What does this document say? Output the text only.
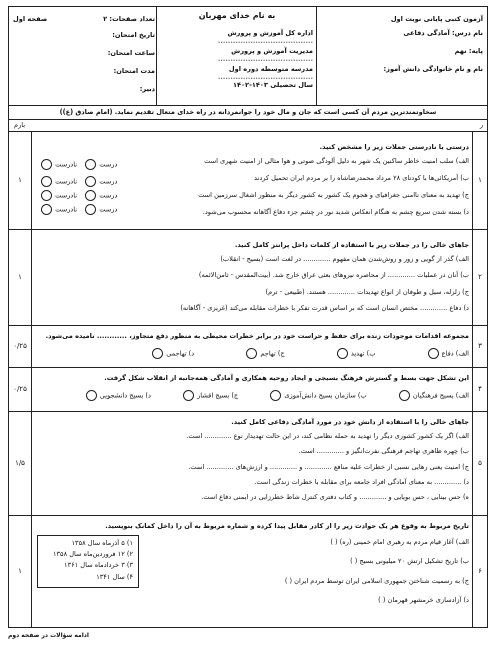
آزمون کتبی پایانی نوبت اول
نام درس: آمادگی دفاعی
پایه: نهم
نام و نام خانوادگی دانش آموز:
به نام خدای مهربان
اداره کل آموزش و پرورش ......................................
مدیریت آموزش و پرورش ......................................
مدرسه متوسطه دوره اول ......................................
سال تحصیلی ۱۴۰۳-۱۴۰۲
تعداد صفحات: ۲
صفحه اول
تاریخ امتحان:
ساعت امتحان:
مدت امتحان:
دبیر:
سخاوتمندترین مردم آن کسی است که جان و مال خود را جوانمردانه در راه خدای متعال تقدیم نماید. (امام صادق (ع))
ر
بارم
۱
۱
درستی یا نادرستی جملات زیر را مشخص کنید.
الف) سلب امنیت خاطر ساکنین یک شهر به دلیل آلودگی صوتی و هوا مثالی از امنیت شهری است
ب) آمریکائی‌ها با کودتای ۲۸ مرداد محمدرضاشاه را بر مردم ایران تحمیل کردند
ج) تهدید به معنای ناامنی جغرافیای و هجوم یک کشور به کشور دیگر به منظور اشغال سرزمین است
د) بسته شدن سریع چشم به هنگام انعکاس شدید نور در چشم جزء دفاع آگاهانه محسوب می‌شود.
درست  نادرست
درست  نادرست
درست  نادرست
درست  نادرست
۲
۱
جاهای خالی را در جملات زیر با استفاده از کلمات داخل پرانتز کامل کنید.
الف) گذر از گویی و زور و روش‌شدن همان مفهوم ............. در لغت است (بسیج - انقلاب)
ب) آنان در عملیات ............. از محاصره نیروهای بعثی عراق خارج شد. (بیت‌المقدس - ثامن‌الائمه)
ج) زلزله، سیل و طوفان از انواع تهدیدات ............. هستند. (طبیعی - ترم)
د) دفاع ............. مختص انسان است که بر اساس قدرت تفکر با خطرات مقابله می‌کند (غریزی - آگاهانه)
۳
۰/۲۵
مجموعه اقدامات موجودات زنده برای حفظ و حراست خود در برابر خطرات محیطی به منظور دفع متجاوز، ............ نامیده می‌شود.
الف) دفاع  ب) تهدید  ج) تهاجم  د) تهاجمی
۴
۰/۲۵
این تشکل جهت بسط و گسترش فرهنگ بسیجی و ایجاد روحیه همکاری و آمادگی همه‌جانبه از انقلاب شکل گرفت.
الف) بسیج فرهنگیان  ب) سازمان بسیج دانش‌آموزی  ج) بسیج اقشار  د) بسیج دانشجویی
۵
۱/۵
جاهای خالی را با استفاده از دانش خود در مورد آمادگی دفاعی کامل کنید.
الف) اگر یک کشور کشوری دیگر را تهدید به حمله نظامی کند، در این حالت تهدیداز نوع ............. است.
ب) چهره ظاهری تهاجم فرهنگی نفرت‌انگیز و ............. است.
ج) امنیت یعنی رهایی نسبی از خطرات علیه منافع ............. و ............. و ارزش‌های ............. است.
د) ............. به معنای آمادگی افراد جامعه برای مقابله با خطرات زندگی است.
ه) حس بینایی ، حس بویایی و ............. و کتاب دفتری کنترل شاط خطرزایی در ایمنی دفاع است.
۶
۱
تاریخ مربوط به وقوع هر یک حوادث زیر را از کادر مقابل پیدا کرده و شماره مربوط به آن را داخل کمانک بنویسید.
الف) آغاز قیام مردم به رهبری امام خمینی (ره) ( )
ب) تاریخ تشکیل ارتش ۲۰ میلیونی بسیج ( )
ج) به رسمیت شناختن جمهوری اسلامی ایران توسط مردم ایران ( )
د) آزادسازی خرمشهر قهرمان ( )
۱) ۵ آذرماه سال ۱۳۵۸
۲) ۱۲ فروردین‌ماه سال ۱۳۵۸
۳) ۳ خردادماه سال ۱۳۶۱
۴) سال ۱۳۴۱
ادامه سؤالات در صفحه دوم
